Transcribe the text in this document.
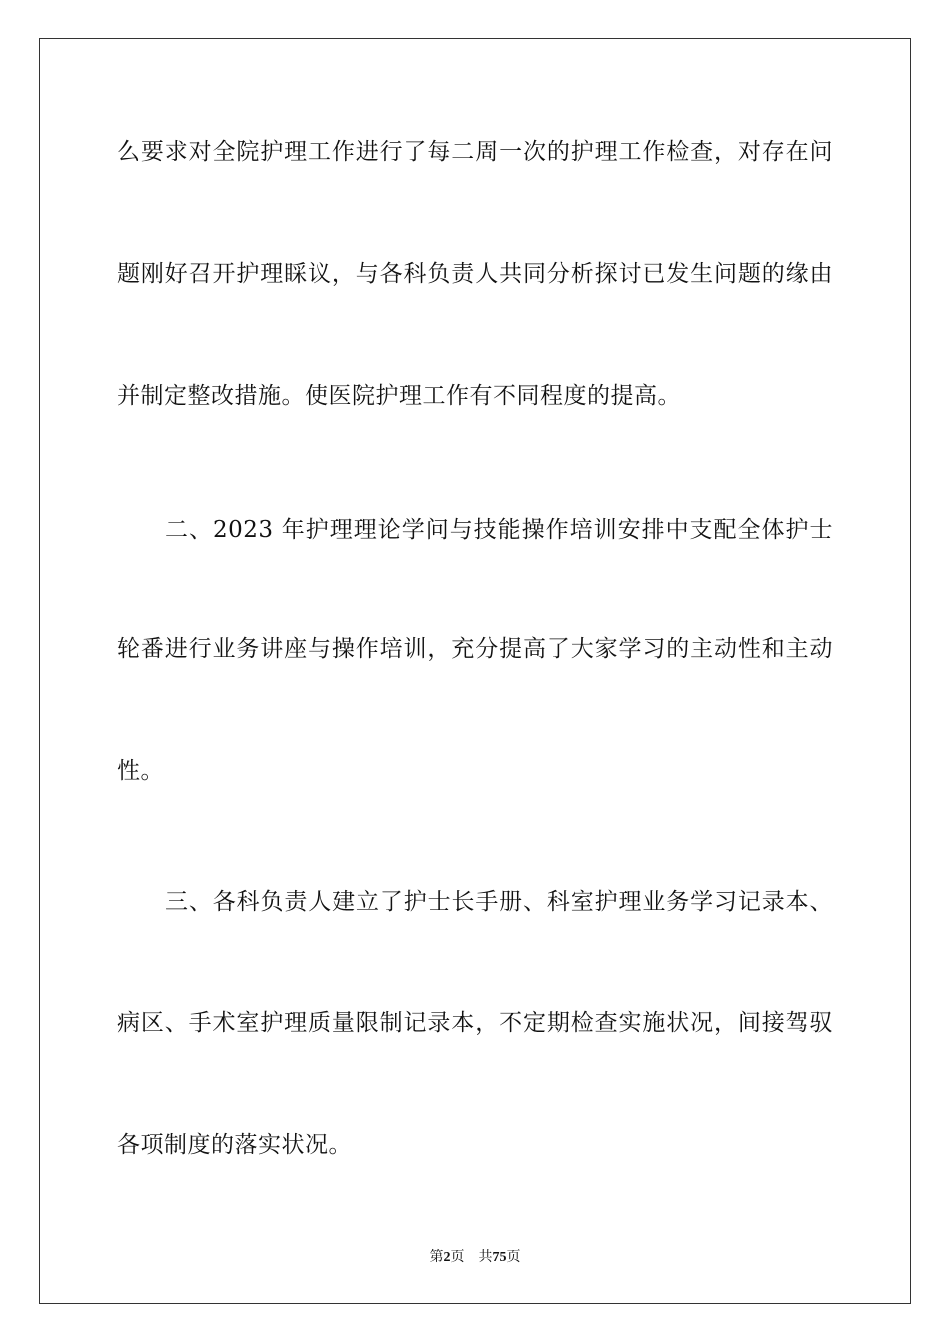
么要求对全院护理工作进行了每二周一次的护理工作检查，对存在问
题刚好召开护理睬议，与各科负责人共同分析探讨已发生问题的缘由
并制定整改措施。使医院护理工作有不同程度的提高。
二、2023 年护理理论学问与技能操作培训安排中支配全体护士
轮番进行业务讲座与操作培训，充分提高了大家学习的主动性和主动
性。
三、各科负责人建立了护士长手册、科室护理业务学习记录本、
病区、手术室护理质量限制记录本，不定期检查实施状况，间接驾驭
各项制度的落实状况。
第2页 共75页
